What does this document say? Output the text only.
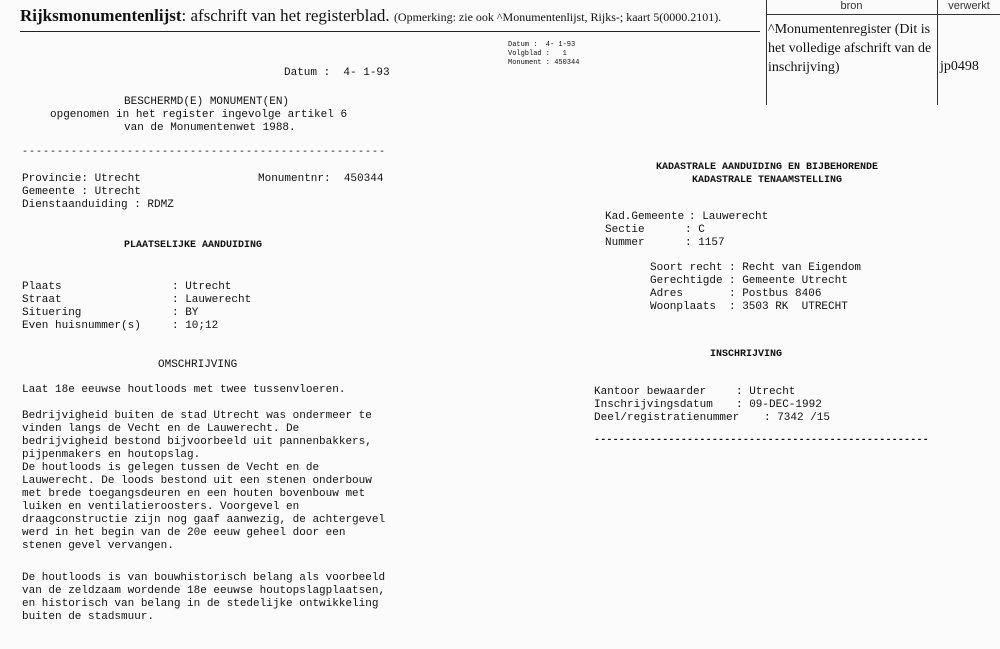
Rijksmonumentenlijst: afschrift van het registerblad. (Opmerking: zie ook ^Monumentenlijst, Rijks-; kaart 5(0000.2101).
bron	verwerkt
^Monumentenregister (Dit is het volledige afschrift van de inschrijving)	jp0498
Datum :  4- 1-93
Volgblad :   1
Monument : 450344
Datum :  4- 1-93
BESCHERMD(E) MONUMENT(EN)
opgenomen in het register ingevolge artikel 6
van de Monumentenwet 1988.
----------------------------------------------------
Provincie: Utrecht	Monumentnr:  450344
Gemeente : Utrecht
Dienstaanduiding : RDMZ
PLAATSELIJKE AANDUIDING
Plaats	: Utrecht
Straat	: Lauwerecht
Situering	: BY
Even huisnummer(s)	: 10;12
OMSCHRIJVING
Laat 18e eeuwse houtloods met twee tussenvloeren.
Bedrijvigheid buiten de stad Utrecht was ondermeer te
vinden langs de Vecht en de Lauwerecht. De
bedrijvigheid bestond bijvoorbeeld uit pannenbakkers,
pijpenmakers en houtopslag.
De houtloods is gelegen tussen de Vecht en de
Lauwerecht. De loods bestond uit een stenen onderbouw
met brede toegangsdeuren en een houten bovenbouw met
luiken en ventilatieroosters. Voorgevel en
draagconstructie zijn nog gaaf aanwezig, de achtergevel
werd in het begin van de 20e eeuw geheel door een
stenen gevel vervangen.
De houtloods is van bouwhistorisch belang als voorbeeld
van de zeldzaam wordende 18e eeuwse houtopslagplaatsen,
en historisch van belang in de stedelijke ontwikkeling
buiten de stadsmuur.
KADASTRALE AANDUIDING EN BIJBEHORENDE
KADASTRALE TENAAMSTELLING
Kad.Gemeente : Lauwerecht
Sectie	: C
Nummer	: 1157
Soort recht : Recht van Eigendom
Gerechtigde : Gemeente Utrecht
Adres	: Postbus 8406
Woonplaats : 3503 RK  UTRECHT
INSCHRIJVING
Kantoor bewaarder	: Utrecht
Inschrijvingsdatum : 09-DEC-1992
Deel/registratienummer : 7342 /15
------------------------------------------------------
